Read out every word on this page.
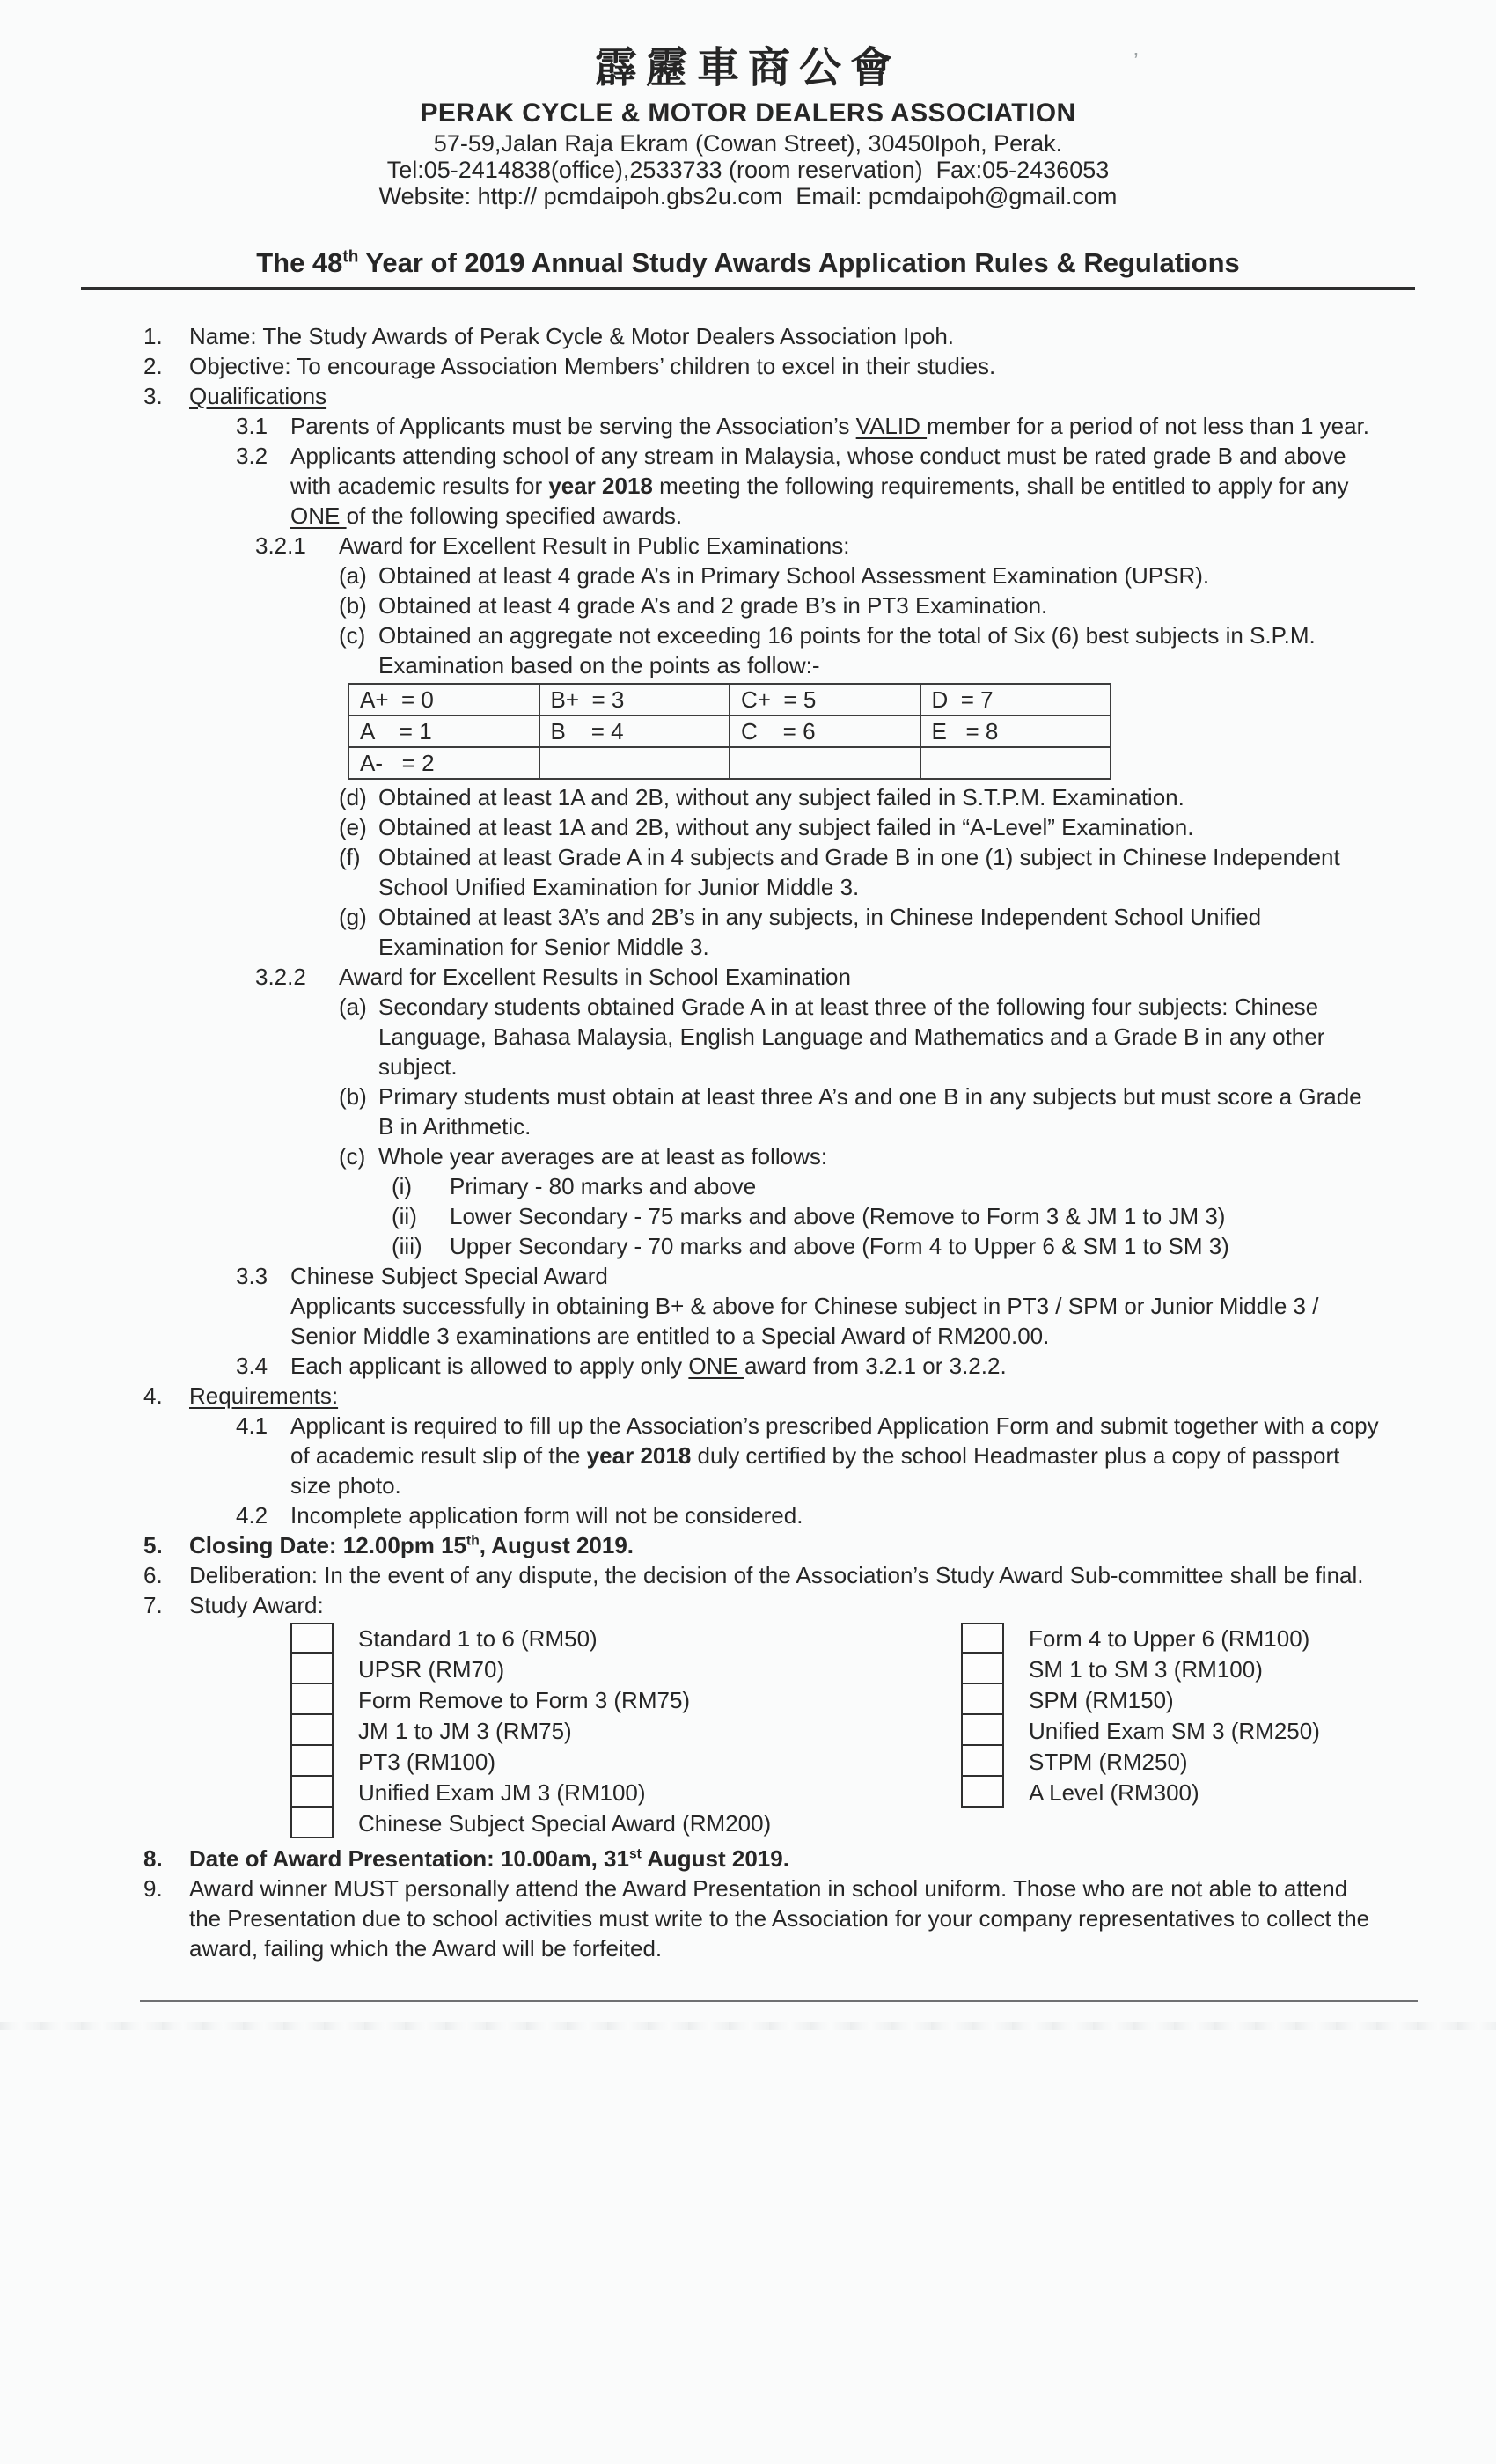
’
霹靂車商公會
PERAK CYCLE & MOTOR DEALERS ASSOCIATION
57-59,Jalan Raja Ekram (Cowan Street), 30450Ipoh, Perak.
Tel:05-2414838(office),2533733 (room reservation)  Fax:05-2436053
Website: http:// pcmdaipoh.gbs2u.com  Email: pcmdaipoh@gmail.com
The 48th Year of 2019 Annual Study Awards Application Rules & Regulations
1.	Name: The Study Awards of Perak Cycle & Motor Dealers Association Ipoh.
2.	Objective: To encourage Association Members’ children to excel in their studies.
3.	Qualifications
3.1 Parents of Applicants must be serving the Association’s VALID member for a period of not less than 1 year.
3.2 Applicants attending school of any stream in Malaysia, whose conduct must be rated grade B and above with academic results for year 2018 meeting the following requirements, shall be entitled to apply for any ONE of the following specified awards.
3.2.1	Award for Excellent Result in Public Examinations:
(a) Obtained at least 4 grade A’s in Primary School Assessment Examination (UPSR).
(b) Obtained at least 4 grade A’s and 2 grade B’s in PT3 Examination.
(c) Obtained an aggregate not exceeding 16 points for the total of Six (6) best subjects in S.P.M. Examination based on the points as follow:-
A+  = 0	B+  = 3	C+  = 5	D  = 7
A    = 1	B    = 4	C    = 6	E   = 8
A-   = 2			
(d) Obtained at least 1A and 2B, without any subject failed in S.T.P.M. Examination.
(e) Obtained at least 1A and 2B, without any subject failed in “A-Level” Examination.
(f) Obtained at least Grade A in 4 subjects and Grade B in one (1) subject in Chinese Independent School Unified Examination for Junior Middle 3.
(g) Obtained at least 3A’s and 2B’s in any subjects, in Chinese Independent School Unified Examination for Senior Middle 3.
3.2.2	Award for Excellent Results in School Examination
(a) Secondary students obtained Grade A in at least three of the following four subjects: Chinese Language, Bahasa Malaysia, English Language and Mathematics and a Grade B in any other subject.
(b) Primary students must obtain at least three A’s and one B in any subjects but must score a Grade B in Arithmetic.
(c) Whole year averages are at least as follows:
(i)	Primary - 80 marks and above
(ii)	Lower Secondary - 75 marks and above (Remove to Form 3 & JM 1 to JM 3)
(iii)	Upper Secondary - 70 marks and above (Form 4 to Upper 6 & SM 1 to SM 3)
3.3 Chinese Subject Special Award
Applicants successfully in obtaining B+ & above for Chinese subject in PT3 / SPM or Junior Middle 3 / Senior Middle 3 examinations are entitled to a Special Award of RM200.00.
3.4 Each applicant is allowed to apply only ONE award from 3.2.1 or 3.2.2.
4.	Requirements:
4.1 Applicant is required to fill up the Association’s prescribed Application Form and submit together with a copy of academic result slip of the year 2018 duly certified by the school Headmaster plus a copy of passport size photo.
4.2 Incomplete application form will not be considered.
5.	Closing Date: 12.00pm 15th, August 2019.
6.	Deliberation: In the event of any dispute, the decision of the Association’s Study Award Sub-committee shall be final.
7.	Study Award:
Standard 1 to 6 (RM50)
UPSR (RM70)
Form Remove to Form 3 (RM75)
JM 1 to JM 3 (RM75)
PT3 (RM100)
Unified Exam JM 3 (RM100)
Chinese Subject Special Award (RM200)
Form 4 to Upper 6 (RM100)
SM 1 to SM 3 (RM100)
SPM (RM150)
Unified Exam SM 3 (RM250)
STPM (RM250)
A Level (RM300)
8.	Date of Award Presentation: 10.00am, 31st August 2019.
9.	Award winner MUST personally attend the Award Presentation in school uniform. Those who are not able to attend the Presentation due to school activities must write to the Association for your company representatives to collect the award, failing which the Award will be forfeited.
